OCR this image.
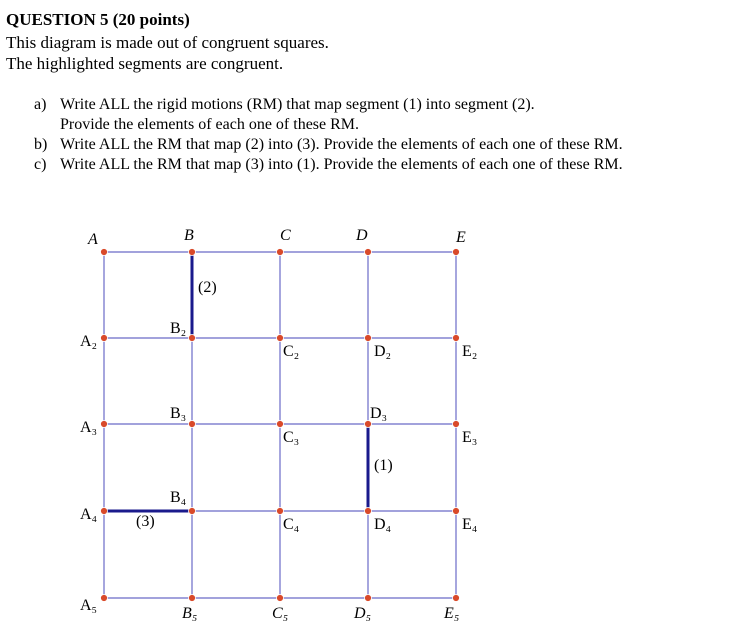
QUESTION 5 (20 points)
This diagram is made out of congruent squares.
The highlighted segments are congruent.
a) Write ALL the rigid motions (RM) that map segment (1) into segment (2).
Provide the elements of each one of these RM.
b) Write ALL the RM that map (2) into (3). Provide the elements of each one of these RM.
c) Write ALL the RM that map (3) into (1). Provide the elements of each one of these RM.
A	B	C	D	E
A₂
B₂
C₂	D₂	E₂
A₃
B₃
C₃
D₃
E₃
A₄
B₄
C₄	D₄	E₄
A₅	B₅	C₅	D₅	E₅
(1)
(2)
(3)
